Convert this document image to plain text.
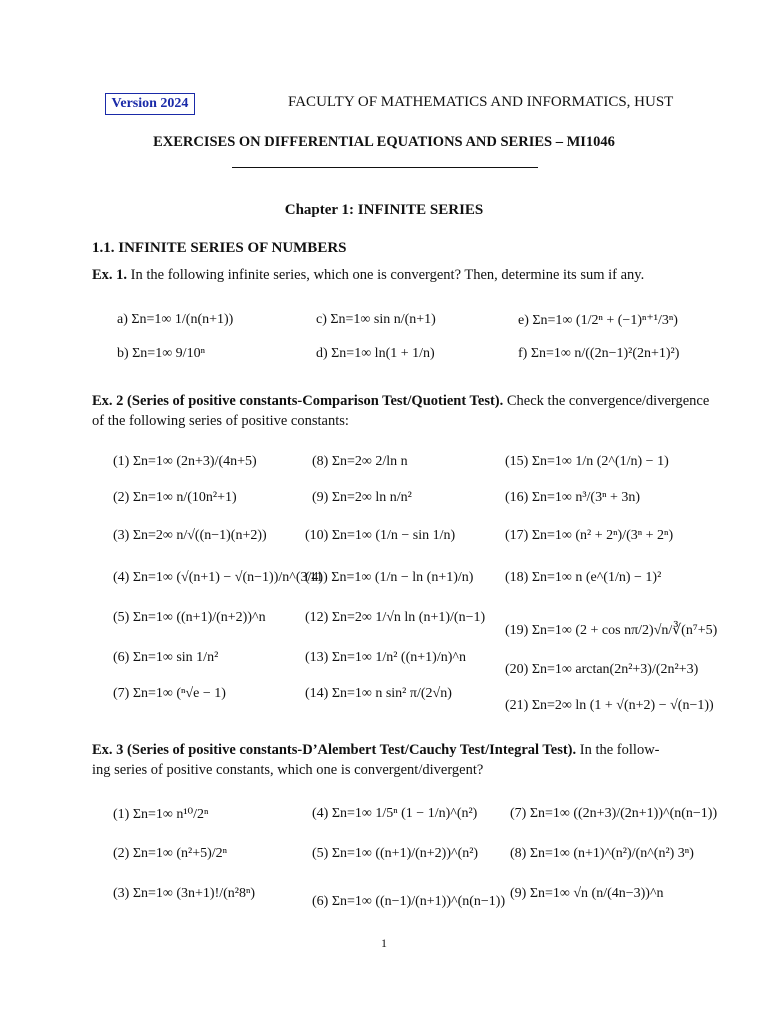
Version 2024	FACULTY OF MATHEMATICS AND INFORMATICS, HUST
EXERCISES ON DIFFERENTIAL EQUATIONS AND SERIES – MI1046
Chapter 1: INFINITE SERIES
1.1. INFINITE SERIES OF NUMBERS
Ex. 1. In the following infinite series, which one is convergent? Then, determine its sum if any.
a) Σn=1∞ 1/(n(n+1))
b) Σn=1∞ 9/10ⁿ
c) Σn=1∞ sin n/(n+1)
d) Σn=1∞ ln(1 + 1/n)
e) Σn=1∞ (1/2ⁿ + (−1)ⁿ⁺¹/3ⁿ)
f) Σn=1∞ n/((2n−1)²(2n+1)²)
Ex. 2 (Series of positive constants-Comparison Test/Quotient Test). Check the convergence/divergence
of the following series of positive constants:
(1) Σn=1∞ (2n+3)/(4n+5)
(2) Σn=1∞ n/(10n²+1)
(3) Σn=2∞ n/√((n−1)(n+2))
(4) Σn=1∞ (√(n+1) − √(n−1))/n^(3/4)
(5) Σn=1∞ ((n+1)/(n+2))^n
(6) Σn=1∞ sin 1/n²
(7) Σn=1∞ (ⁿ√e − 1)
(8) Σn=2∞ 2/ln n
(9) Σn=2∞ ln n/n²
(10) Σn=1∞ (1/n − sin 1/n)
(11) Σn=1∞ (1/n − ln (n+1)/n)
(12) Σn=2∞ 1/√n ln (n+1)/(n−1)
(13) Σn=1∞ 1/n² ((n+1)/n)^n
(14) Σn=1∞ n sin² π/(2√n)
(15) Σn=1∞ 1/n (2^(1/n) − 1)
(16) Σn=1∞ n³/(3ⁿ + 3n)
(17) Σn=1∞ (n² + 2ⁿ)/(3ⁿ + 2ⁿ)
(18) Σn=1∞ n (e^(1/n) − 1)²
(19) Σn=1∞ (2 + cos nπ/2)√n/∛(n⁷+5)
(20) Σn=1∞ arctan(2n²+3)/(2n²+3)
(21) Σn=2∞ ln (1 + √(n+2) − √(n−1))
Ex. 3 (Series of positive constants-D’Alembert Test/Cauchy Test/Integral Test). In the follow-
ing series of positive constants, which one is convergent/divergent?
(1) Σn=1∞ n¹⁰/2ⁿ
(2) Σn=1∞ (n²+5)/2ⁿ
(3) Σn=1∞ (3n+1)!/(n²8ⁿ)
(4) Σn=1∞ 1/5ⁿ (1 − 1/n)^(n²)
(5) Σn=1∞ ((n+1)/(n+2))^(n²)
(6) Σn=1∞ ((n−1)/(n+1))^(n(n−1))
(7) Σn=1∞ ((2n+3)/(2n+1))^(n(n−1))
(8) Σn=1∞ (n+1)^(n²)/(n^(n²) 3ⁿ)
(9) Σn=1∞ √n (n/(4n−3))^n
1
